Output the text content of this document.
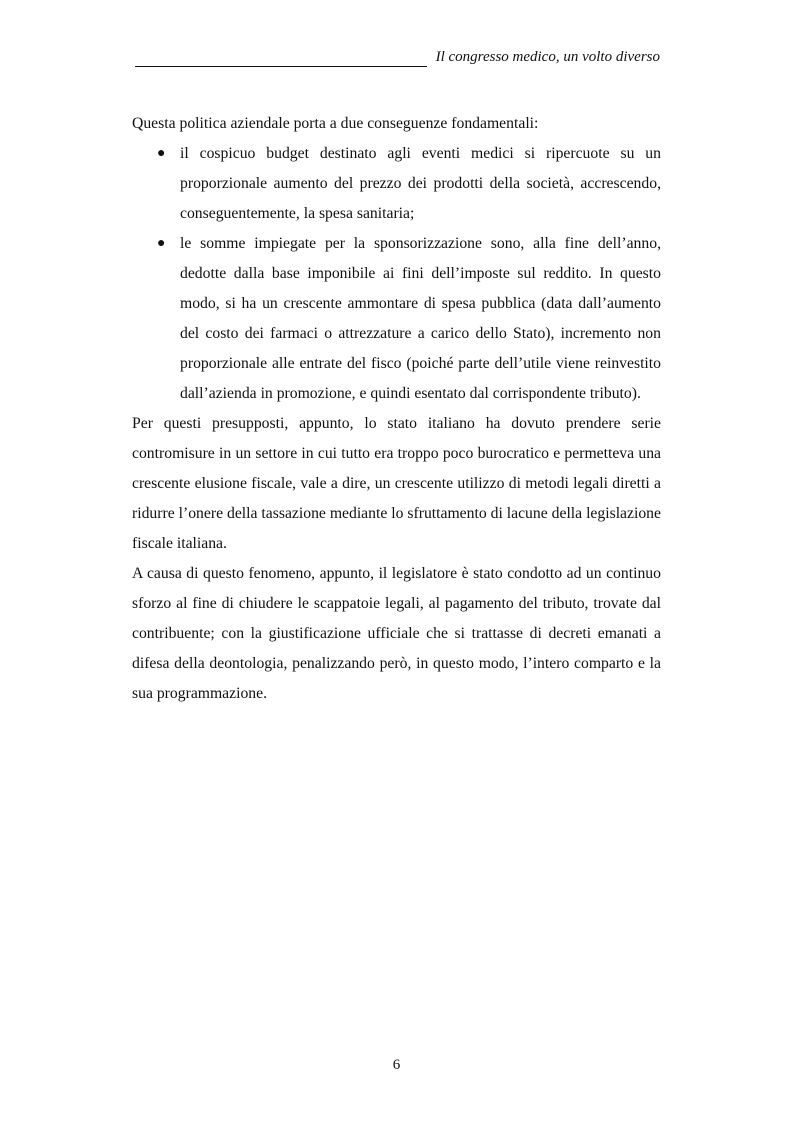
Il congresso medico, un volto diverso

Questa politica aziendale porta a due conseguenze fondamentali:

● il cospicuo budget destinato agli eventi medici si ripercuote su un proporzionale aumento del prezzo dei prodotti della società, accrescendo, conseguentemente, la spesa sanitaria;
● le somme impiegate per la sponsorizzazione sono, alla fine dell’anno, dedotte dalla base imponibile ai fini dell’imposte sul reddito. In questo modo, si ha un crescente ammontare di spesa pubblica (data dall’aumento del costo dei farmaci o attrezzature a carico dello Stato), incremento non proporzionale alle entrate del fisco (poiché parte dell’utile viene reinvestito dall’azienda in promozione, e quindi esentato dal corrispondente tributo).

Per questi presupposti, appunto, lo stato italiano ha dovuto prendere serie contromisure in un settore in cui tutto era troppo poco burocratico e permetteva una crescente elusione fiscale, vale a dire, un crescente utilizzo di metodi legali diretti a ridurre l’onere della tassazione mediante lo sfruttamento di lacune della legislazione fiscale italiana.

A causa di questo fenomeno, appunto, il legislatore è stato condotto ad un continuo sforzo al fine di chiudere le scappatoie legali, al pagamento del tributo, trovate dal contribuente; con la giustificazione ufficiale che si trattasse di decreti emanati a difesa della deontologia, penalizzando però, in questo modo, l’intero comparto e la sua programmazione.

6
